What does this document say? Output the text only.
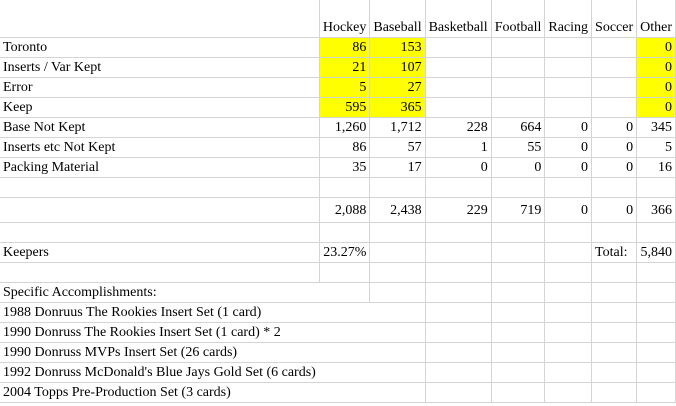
	Hockey	Baseball	Basketball	Football	Racing	Soccer	Other
Toronto	86	153					0
Inserts / Var Kept	21	107					0
Error	5	27					0
Keep	595	365					0
Base Not Kept	1,260	1,712	228	664	0	0	345
Inserts etc Not Kept	86	57	1	55	0	0	5
Packing Material	35	17	0	0	0	0	16

	2,088	2,438	229	719	0	0	366

Keepers	23.27%					Total:	5,840

Specific Accomplishments:							
1988 Donruus The Rookies Insert Set (1 card)							
1990 Donruss The Rookies Insert Set (1 card) * 2							
1990 Donruss MVPs Insert Set (26 cards)							
1992 Donruss McDonald's Blue Jays Gold Set (6 cards)							
2004 Topps Pre-Production Set (3 cards)							
